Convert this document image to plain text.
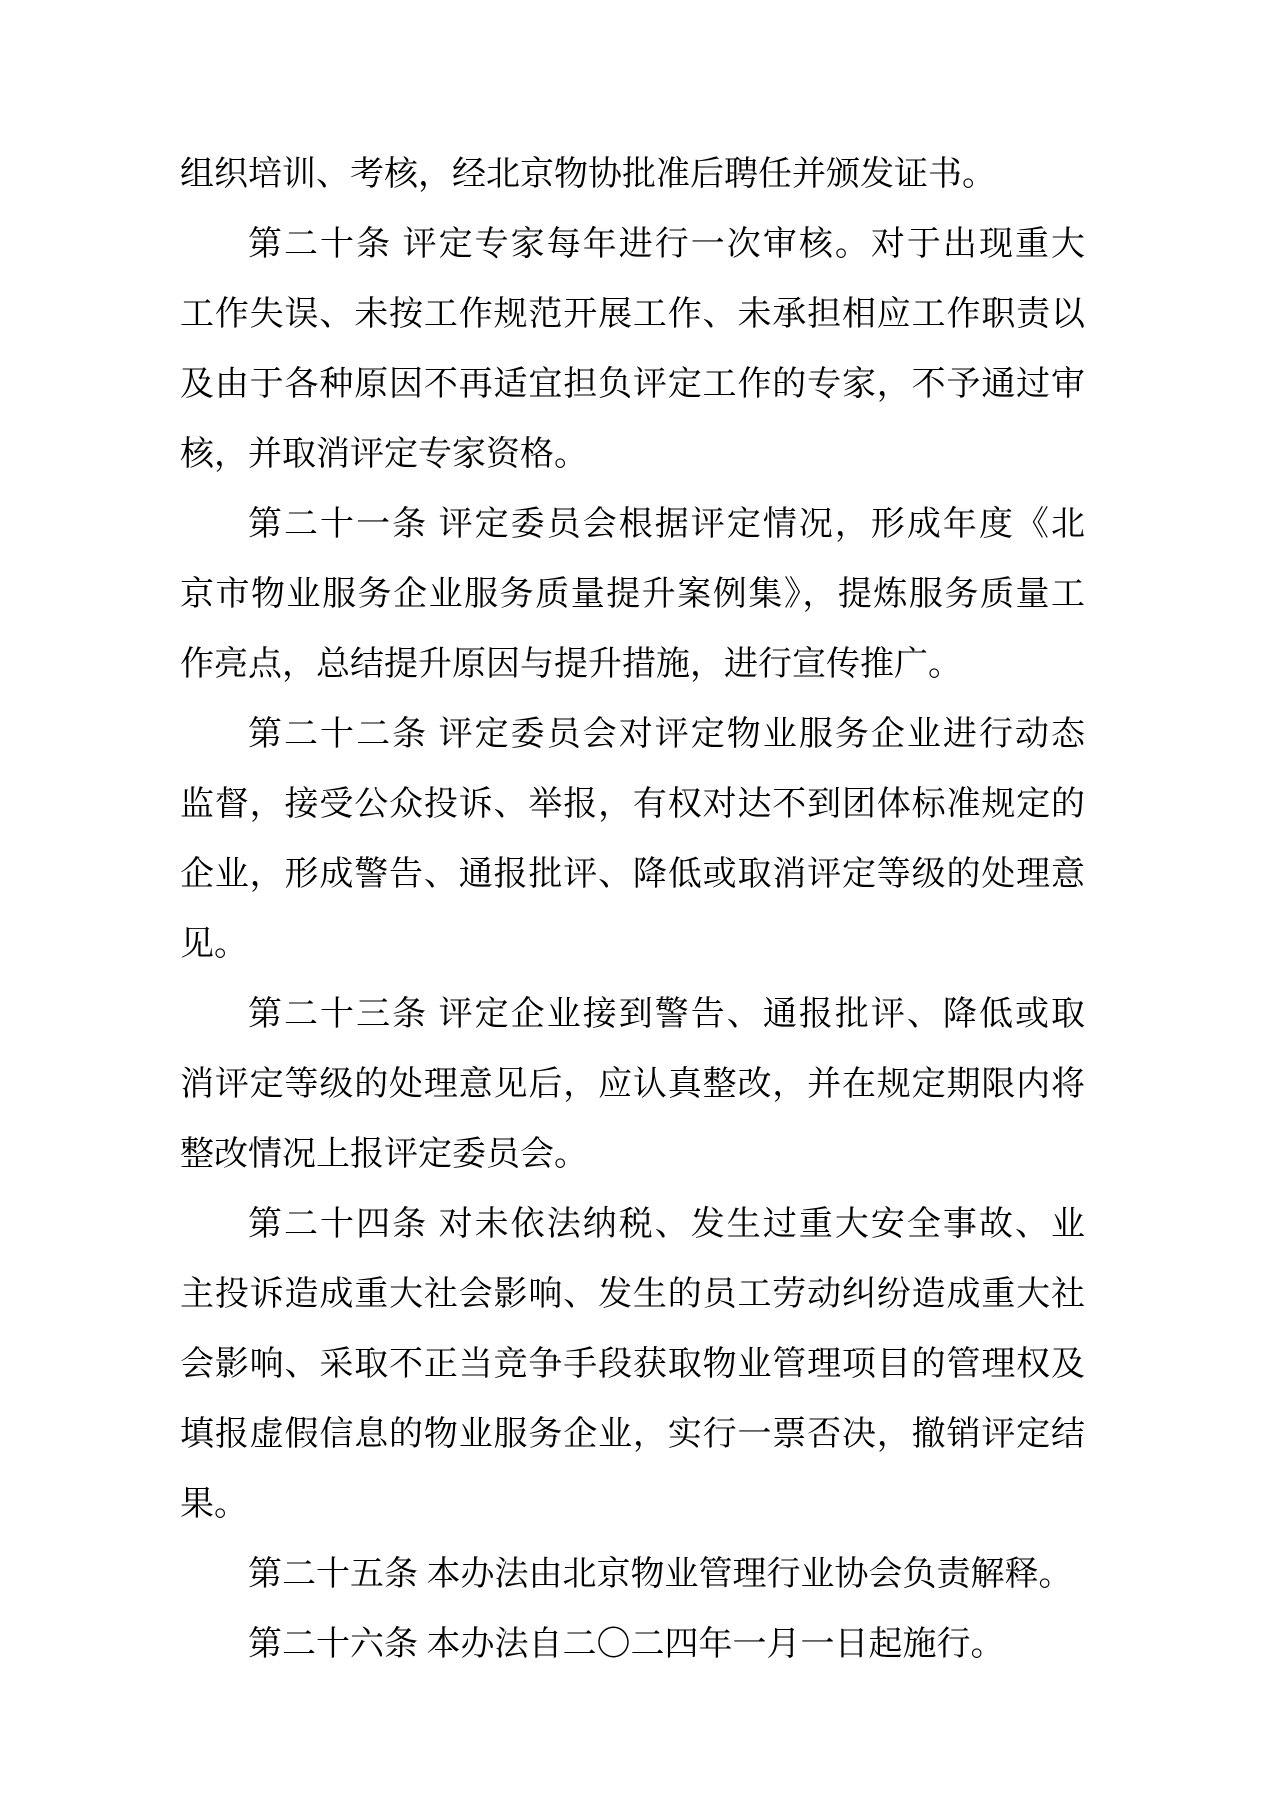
组织培训、考核，经北京物协批准后聘任并颁发证书。
第二十条 评定专家每年进行一次审核。对于出现重大
工作失误、未按工作规范开展工作、未承担相应工作职责以
及由于各种原因不再适宜担负评定工作的专家，不予通过审
核，并取消评定专家资格。
第二十一条 评定委员会根据评定情况，形成年度《北
京市物业服务企业服务质量提升案例集》，提炼服务质量工
作亮点，总结提升原因与提升措施，进行宣传推广。
第二十二条 评定委员会对评定物业服务企业进行动态
监督，接受公众投诉、举报，有权对达不到团体标准规定的
企业，形成警告、通报批评、降低或取消评定等级的处理意
见。
第二十三条 评定企业接到警告、通报批评、降低或取
消评定等级的处理意见后，应认真整改，并在规定期限内将
整改情况上报评定委员会。
第二十四条 对未依法纳税、发生过重大安全事故、业
主投诉造成重大社会影响、发生的员工劳动纠纷造成重大社
会影响、采取不正当竞争手段获取物业管理项目的管理权及
填报虚假信息的物业服务企业，实行一票否决，撤销评定结
果。
第二十五条 本办法由北京物业管理行业协会负责解释。
第二十六条 本办法自二〇二四年一月一日起施行。
